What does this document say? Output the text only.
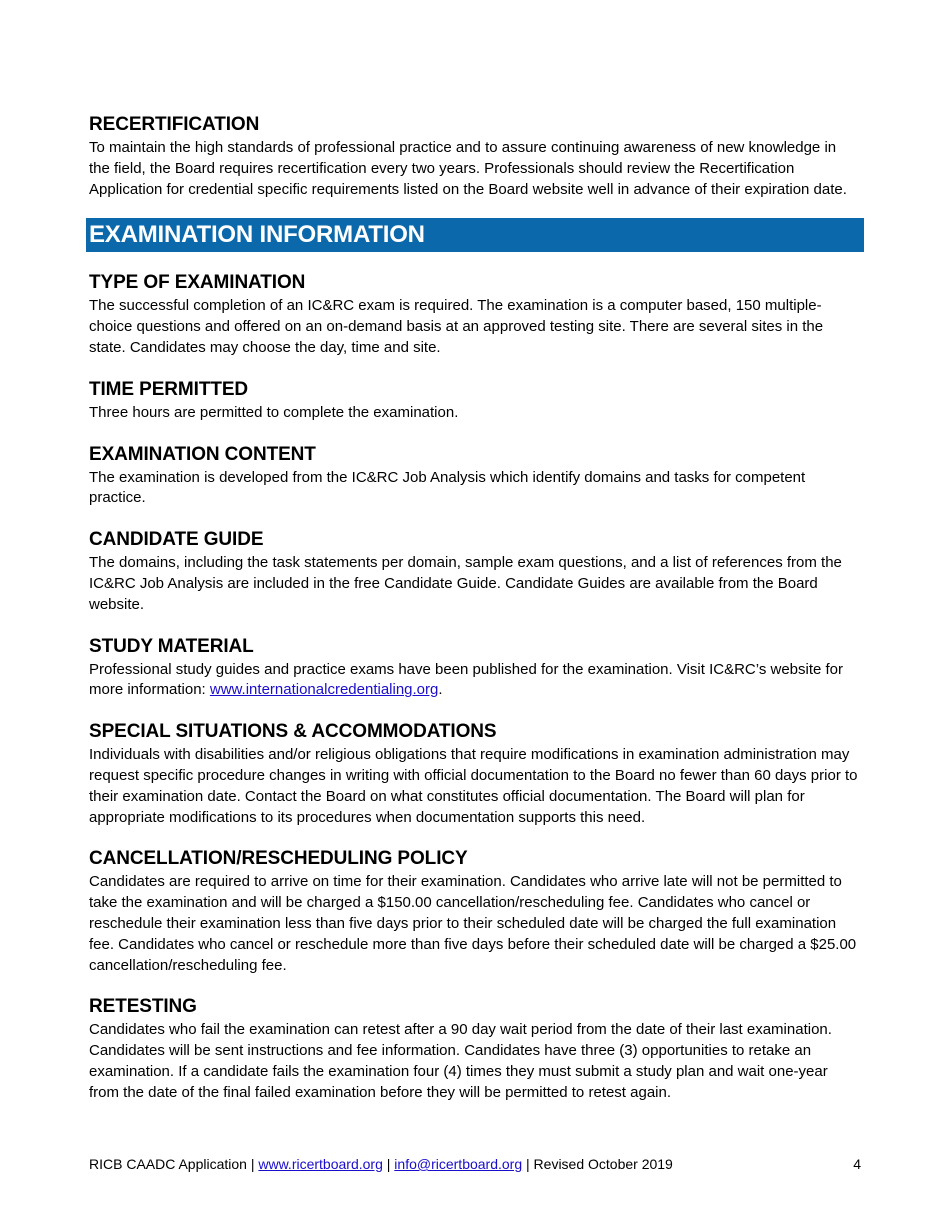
RECERTIFICATION

To maintain the high standards of professional practice and to assure continuing awareness of new knowledge in the field, the Board requires recertification every two years. Professionals should review the Recertification Application for credential specific requirements listed on the Board website well in advance of their expiration date.

EXAMINATION INFORMATION
TYPE OF EXAMINATION

The successful completion of an IC&RC exam is required. The examination is a computer based, 150 multiple-choice questions and offered on an on-demand basis at an approved testing site. There are several sites in the state. Candidates may choose the day, time and site.

TIME PERMITTED

Three hours are permitted to complete the examination.

EXAMINATION CONTENT

The examination is developed from the IC&RC Job Analysis which identify domains and tasks for competent practice.

CANDIDATE GUIDE

The domains, including the task statements per domain, sample exam questions, and a list of references from the IC&RC Job Analysis are included in the free Candidate Guide. Candidate Guides are available from the Board website.

STUDY MATERIAL

Professional study guides and practice exams have been published for the examination. Visit IC&RC’s website for more information: www.internationalcredentialing.org.

SPECIAL SITUATIONS & ACCOMMODATIONS

Individuals with disabilities and/or religious obligations that require modifications in examination administration may request specific procedure changes in writing with official documentation to the Board no fewer than 60 days prior to their examination date. Contact the Board on what constitutes official documentation. The Board will plan for appropriate modifications to its procedures when documentation supports this need.

CANCELLATION/RESCHEDULING POLICY

Candidates are required to arrive on time for their examination. Candidates who arrive late will not be permitted to take the examination and will be charged a $150.00 cancellation/rescheduling fee. Candidates who cancel or reschedule their examination less than five days prior to their scheduled date will be charged the full examination fee. Candidates who cancel or reschedule more than five days before their scheduled date will be charged a $25.00 cancellation/rescheduling fee.

RETESTING

Candidates who fail the examination can retest after a 90 day wait period from the date of their last examination. Candidates will be sent instructions and fee information. Candidates have three (3) opportunities to retake an examination. If a candidate fails the examination four (4) times they must submit a study plan and wait one-year from the date of the final failed examination before they will be permitted to retest again.

RICB CAADC Application | www.ricertboard.org | info@ricertboard.org | Revised October 2019	4
